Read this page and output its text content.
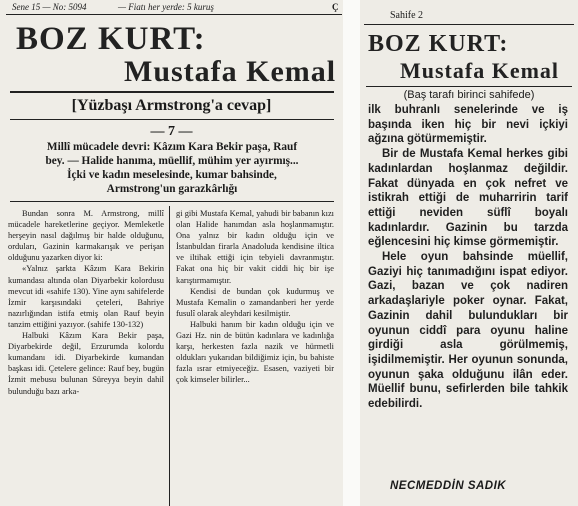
Sene 15 — No: 5094	— Fiatı her yerde: 5 kuruş	Ç
BOZ KURT:
Mustafa Kemal
[Yüzbaşı Armstrong'a cevap]
— 7 —
Millî mücadele devri: Kâzım Kara Bekir paşa, Rauf
bey. — Halide hanıma, müellif, mühim yer ayırmış...
İçki ve kadın meselesinde, kumar bahsinde,
Armstrong'un garazkârlığı

Bundan sonra M. Armstrong, millî mücadele hareketlerine geçiyor. Memleketle herşeyin nasıl dağılmış bir halde olduğunu, orduları, Gazinin karmakarışık ve perişan olduğunu yazarken diyor ki:

«Yalnız şarkta Kâzım Kara Bekirin kumandası altında olan Diyarbekir kolordusu mevcut idi «sahife 130). Yine aynı sahifelerde İzmir karşısındaki çeteleri, Bahriye nazırlığından istifa etmiş olan Rauf beyin tanzim ettiğini yazıyor. (sahife 130-132)

Halbuki Kâzım Kara Bekir paşa, Diyarbekirde değil, Erzurumda kolordu kumandanı idi. Diyarbekirde kumandan başkası idi. Çetelere gelince: Rauf bey, bugün İzmit mebusu bulunan Süreyya beyin dahil bulunduğu bazı arka-

gi gibi Mustafa Kemal, yahudi bir babanın kızı olan Halide hanımdan asla hoşlanmamıştır. Ona yalnız bir kadın olduğu için ve İstanbuldan firarla Anadoluda kendisine iltica ve iltihak ettiği için tebyieli davranmıştır. Fakat ona hiç bir vakit ciddi hiç bir işe karıştırmamıştır.

Kendisi de bundan çok kudurmuş ve Mustafa Kemalin o zamandanberi her yerde fusulî olarak aleyhdari kesilmiştir.

Halbuki hanım bir kadın olduğu için ve Gazi Hz. nin de bütün kadınlara ve kadınlığa karşı, herkesten fazla nazik ve hürmetli oldukları yukarıdan bildiğimiz için, bu bahiste fazla ısrar etmiyeceğiz. Esasen, vaziyeti bir çok kimseler bilirler...

Sahife 2
BOZ KURT:
Mustafa Kemal
(Baş tarafı birinci sahifede)

ilk buhranlı senelerinde ve iş başında iken hiç bir nevi içkiyi ağzına götürmemiştir.

Bir de Mustafa Kemal herkes gibi kadınlardan hoşlanmaz değildir. Fakat dünyada en çok nefret ve istikrah ettiği de muharririn tarif ettiği neviden süflî boyalı kadınlardır. Gazinin bu tarzda eğlencesini hiç kimse görmemiştir.

Hele oyun bahsinde müellif, Gaziyi hiç tanımadığını ispat ediyor. Gazi, bazan ve çok nadiren arkadaşlariyle poker oynar. Fakat, Gazinin dahil bulundukları bir oyunun ciddî para oyunu haline girdiği asla görülmemiş, işidilmemiştir. Her oyunun sonunda, oyunun şaka olduğunu ilân eder. Müellif bunu, sefirlerden bile tahkik edebilirdi.

NECMEDDİN SADIK
